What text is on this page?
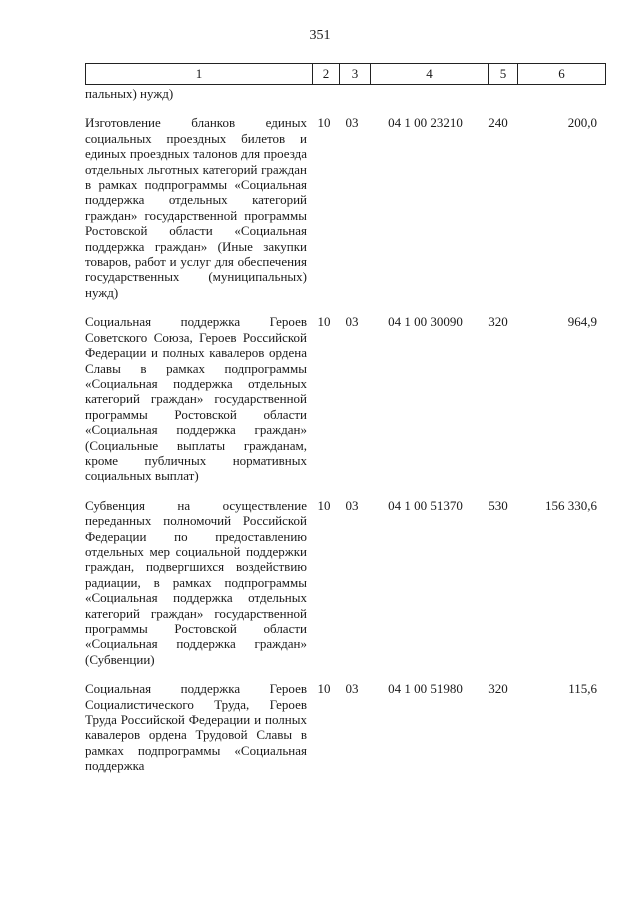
351
1	2	3	4	5	6
пальных) нужд)					

Изготовление бланков единых социальных проездных билетов и единых проездных талонов для проезда отдельных льготных категорий граждан в рамках подпрограммы «Социальная поддержка отдельных категорий граждан» государственной программы Ростовской области «Социальная поддержка граждан» (Иные закупки товаров, работ и услуг для обеспечения государственных (муниципальных) нужд)	10	03	04 1 00 23210	240	200,0

Социальная поддержка Героев Советского Союза, Героев Российской Федерации и полных кавалеров ордена Славы в рамках подпрограммы «Социальная поддержка отдельных категорий граждан» государственной программы Ростовской области «Социальная поддержка граждан» (Социальные выплаты гражданам, кроме публичных нормативных социальных выплат)	10	03	04 1 00 30090	320	964,9

Субвенция на осуществление переданных полномочий Российской Федерации по предоставлению отдельных мер социальной поддержки граждан, подвергшихся воздействию радиации, в рамках подпрограммы «Социальная поддержка отдельных категорий граждан» государственной программы Ростовской области «Социальная поддержка граждан» (Субвенции)	10	03	04 1 00 51370	530	156 330,6

Социальная поддержка Героев Социалистического Труда, Героев Труда Российской Федерации и полных кавалеров ордена Трудовой Славы в рамках подпрограммы «Социальная поддержка	10	03	04 1 00 51980	320	115,6
